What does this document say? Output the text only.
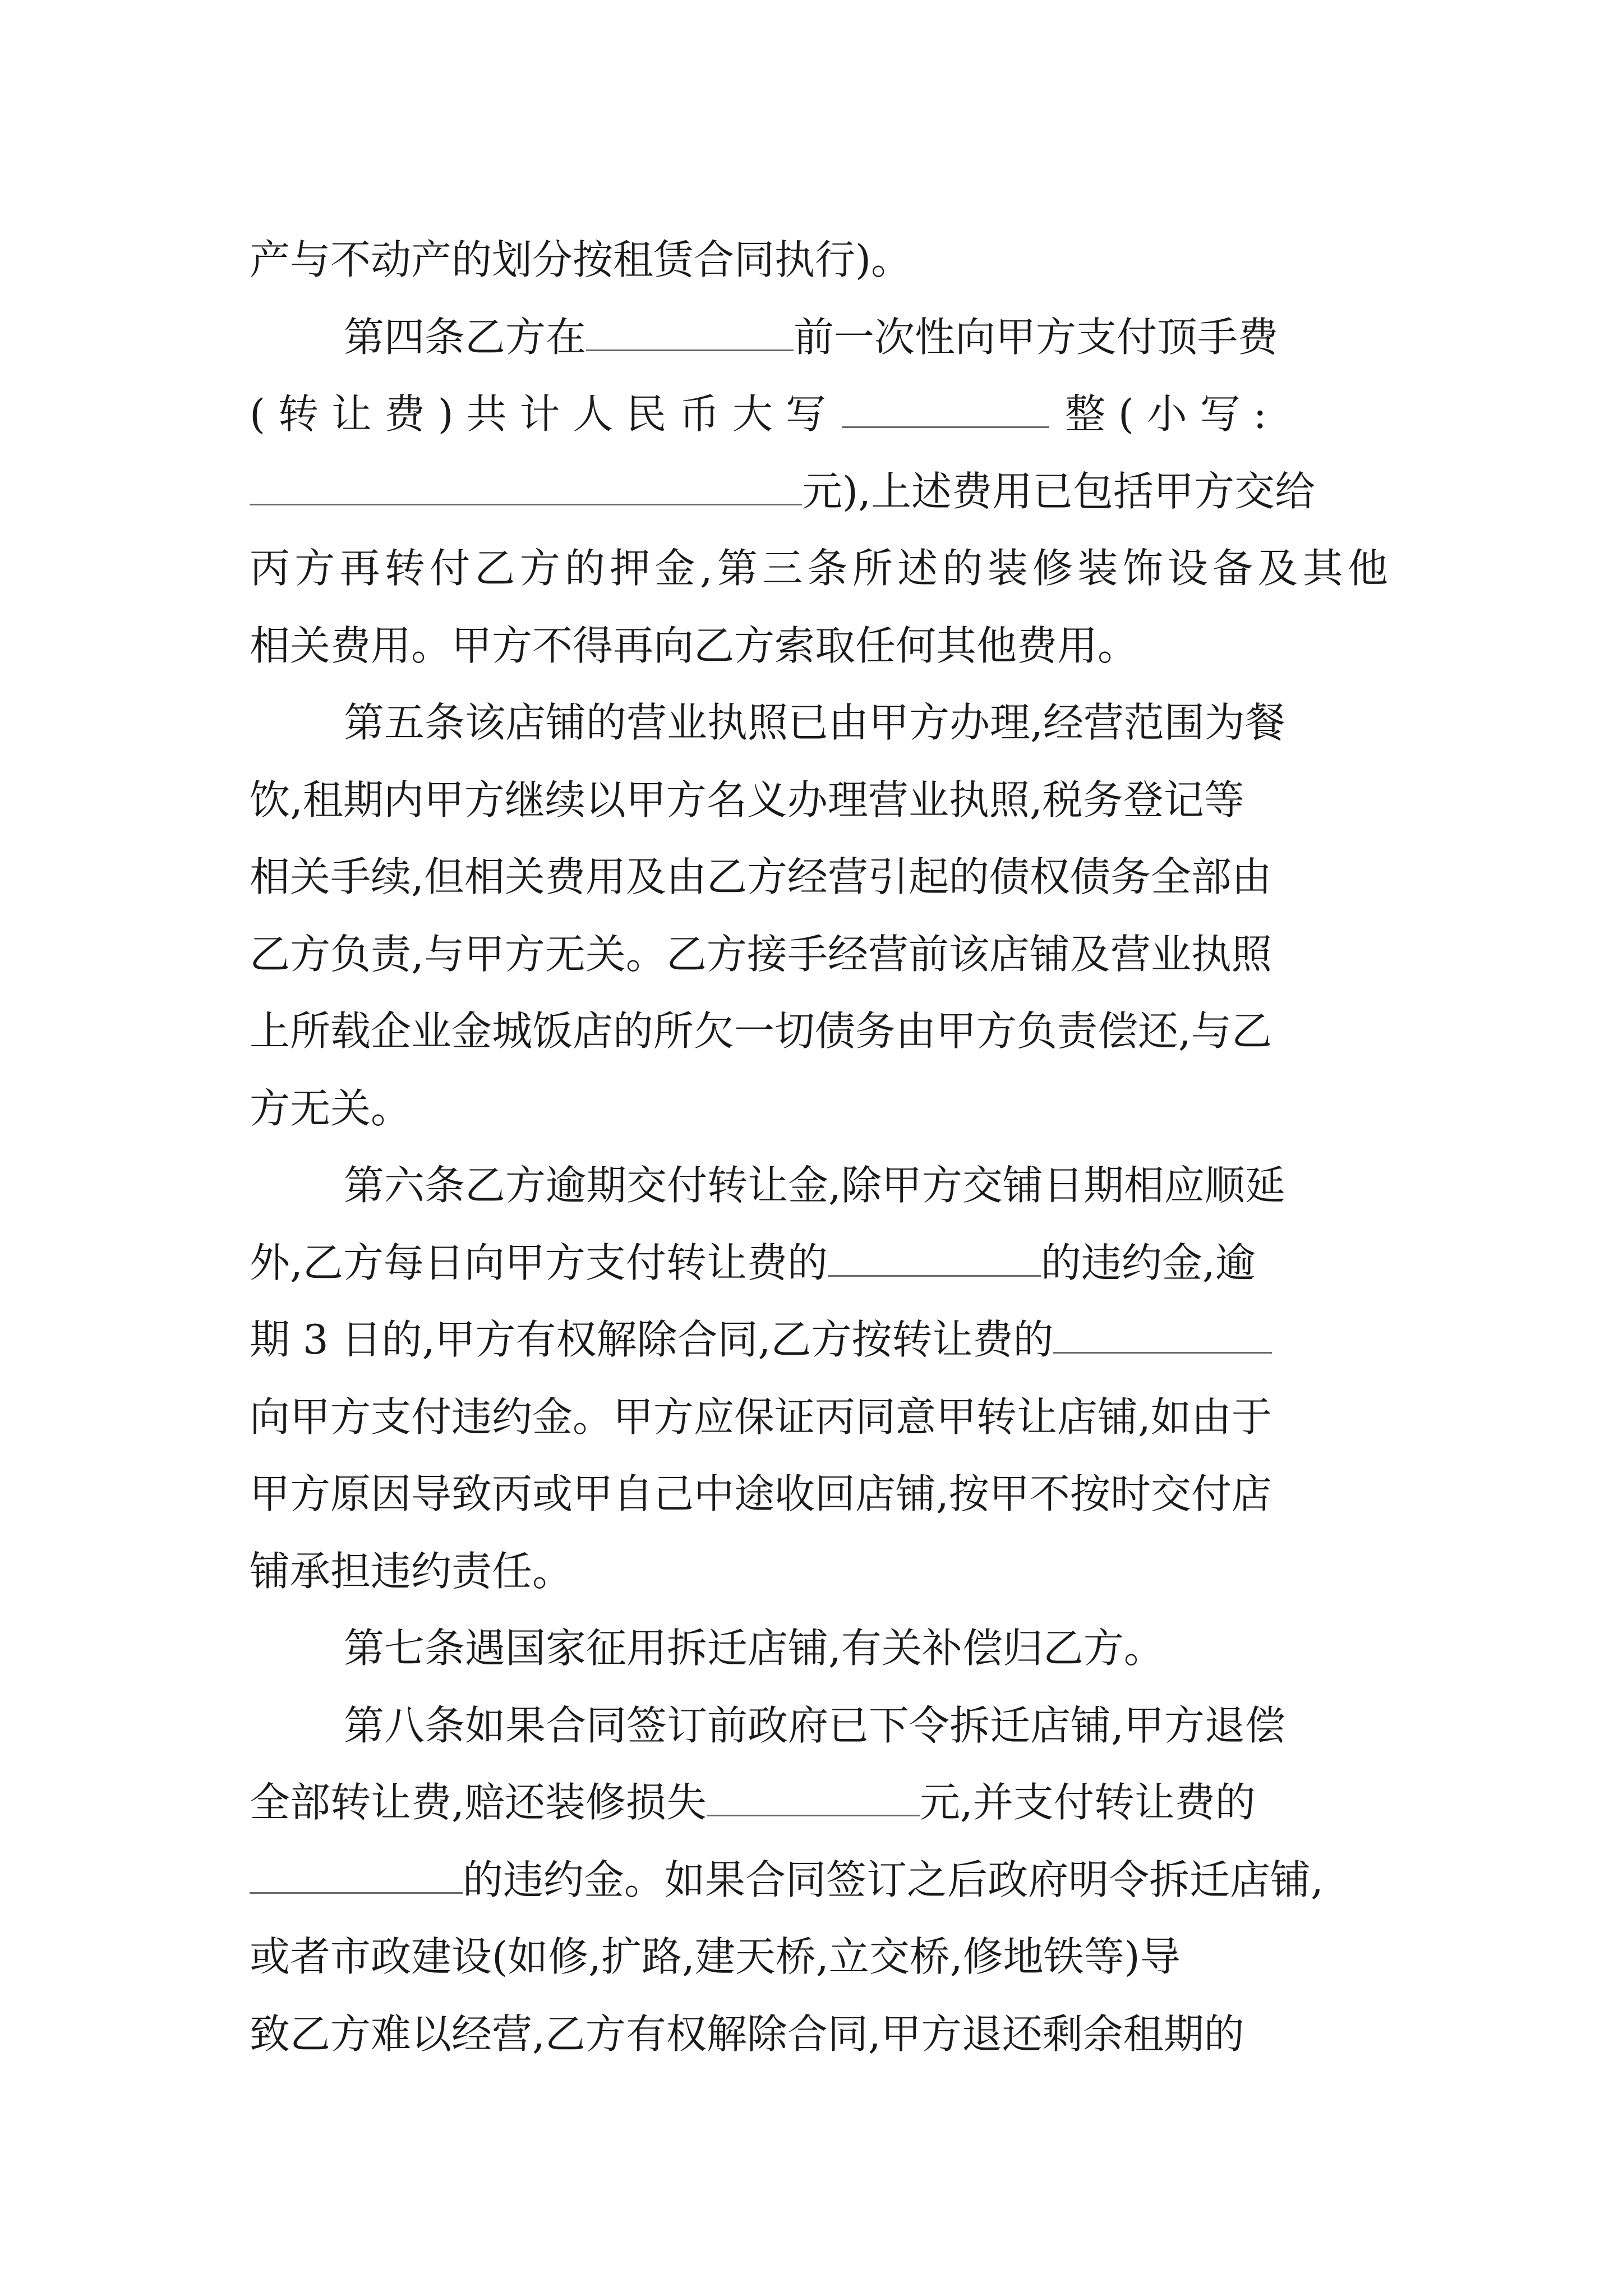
产与不动产的划分按租赁合同执行)。
第四条乙方在	前一次性向甲方支付顶手费
( 转 让 费 ) 共 计 人 民 币 大 写	整 ( 小 写 :
元),上述费用已包括甲方交给
丙方再转付乙方的押金,第三条所述的装修装饰设备及其他
相关费用。甲方不得再向乙方索取任何其他费用。
第五条该店铺的营业执照已由甲方办理,经营范围为餐
饮,租期内甲方继续以甲方名义办理营业执照,税务登记等
相关手续,但相关费用及由乙方经营引起的债权债务全部由
乙方负责,与甲方无关。乙方接手经营前该店铺及营业执照
上所载企业金城饭店的所欠一切债务由甲方负责偿还,与乙
方无关。
第六条乙方逾期交付转让金,除甲方交铺日期相应顺延
外,乙方每日向甲方支付转让费的	的违约金,逾
期 3 日的,甲方有权解除合同,乙方按转让费的
向甲方支付违约金。甲方应保证丙同意甲转让店铺,如由于
甲方原因导致丙或甲自己中途收回店铺,按甲不按时交付店
铺承担违约责任。
第七条遇国家征用拆迁店铺,有关补偿归乙方。
第八条如果合同签订前政府已下令拆迁店铺,甲方退偿
全部转让费,赔还装修损失	元,并支付转让费的
的违约金。如果合同签订之后政府明令拆迁店铺,
或者市政建设(如修,扩路,建天桥,立交桥,修地铁等)导
致乙方难以经营,乙方有权解除合同,甲方退还剩余租期的
